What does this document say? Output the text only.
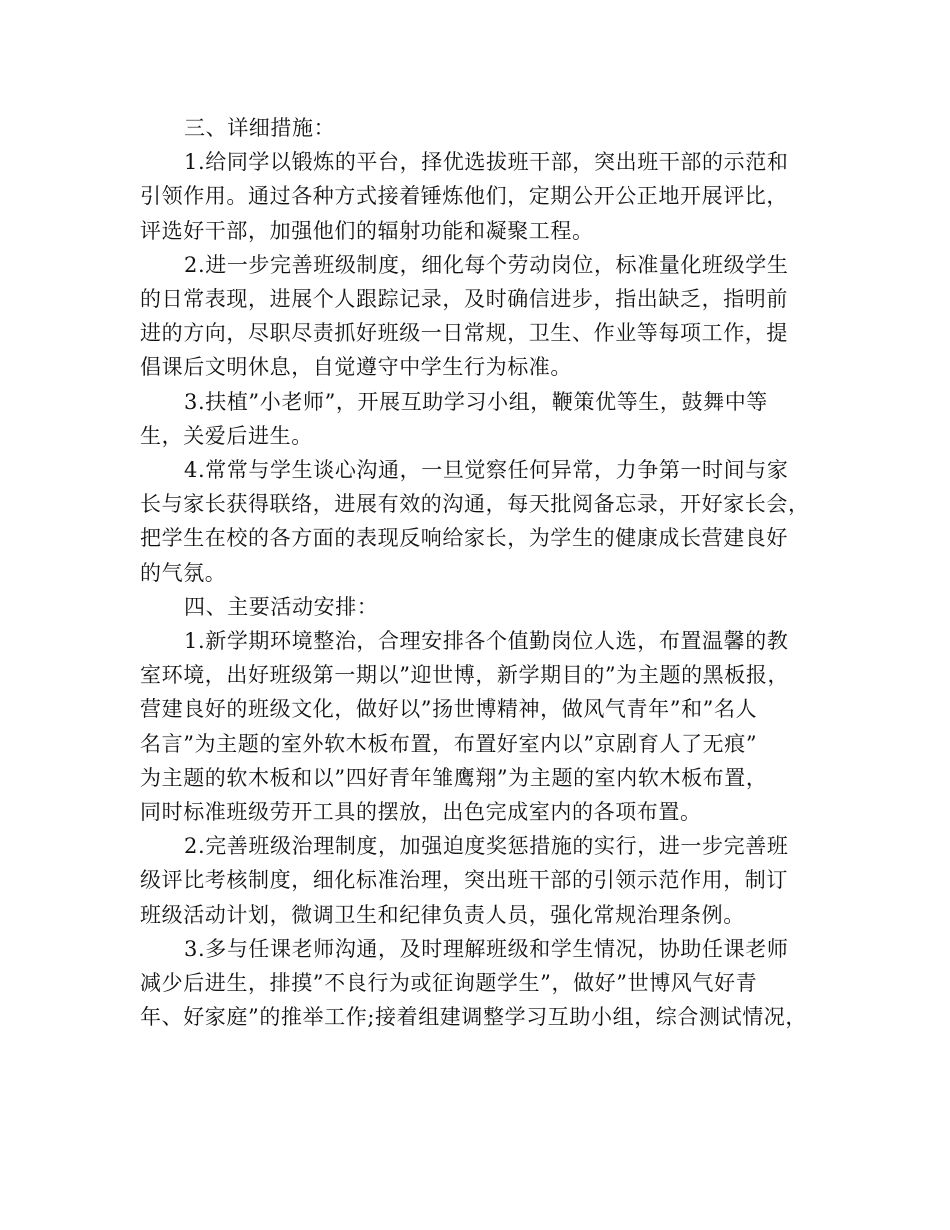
三、详细措施：

1.给同学以锻炼的平台，择优选拔班干部，突出班干部的示范和
引领作用。通过各种方式接着锤炼他们，定期公开公正地开展评比，
评选好干部，加强他们的辐射功能和凝聚工程。

2.进一步完善班级制度，细化每个劳动岗位，标准量化班级学生
的日常表现，进展个人跟踪记录，及时确信进步，指出缺乏，指明前
进的方向，尽职尽责抓好班级一日常规，卫生、作业等每项工作，提
倡课后文明休息，自觉遵守中学生行为标准。

3.扶植”小老师”，开展互助学习小组，鞭策优等生，鼓舞中等
生，关爱后进生。

4.常常与学生谈心沟通，一旦觉察任何异常，力争第一时间与家
长与家长获得联络，进展有效的沟通，每天批阅备忘录，开好家长会，
把学生在校的各方面的表现反响给家长，为学生的健康成长营建良好
的气氛。

四、主要活动安排：

1.新学期环境整治，合理安排各个值勤岗位人选，布置温馨的教
室环境，出好班级第一期以”迎世博，新学期目的”为主题的黑板报，
营建良好的班级文化，做好以”扬世博精神，做风气青年”和”名人
名言”为主题的室外软木板布置，布置好室内以”京剧育人了无痕”
为主题的软木板和以”四好青年雏鹰翔”为主题的室内软木板布置，
同时标准班级劳开工具的摆放，出色完成室内的各项布置。

2.完善班级治理制度，加强迫度奖惩措施的实行，进一步完善班
级评比考核制度，细化标准治理，突出班干部的引领示范作用，制订
班级活动计划，微调卫生和纪律负责人员，强化常规治理条例。

3.多与任课老师沟通，及时理解班级和学生情况，协助任课老师
减少后进生，排摸”不良行为或征询题学生”，做好”世博风气好青
年、好家庭”的推举工作;接着组建调整学习互助小组，综合测试情况，
